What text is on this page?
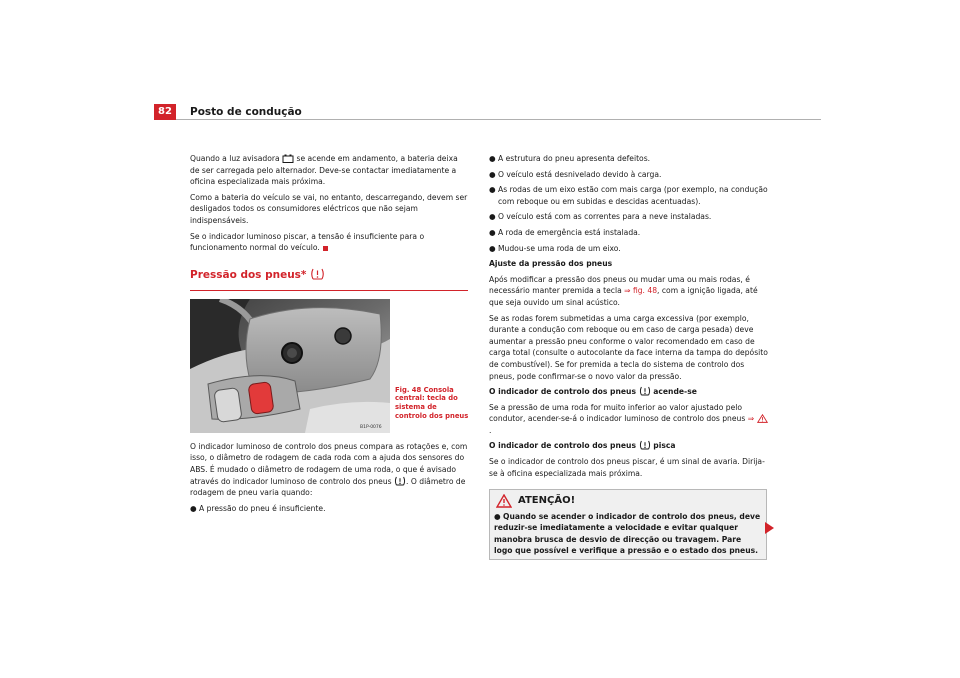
82	Posto de condução

Quando a luz avisadora se acende em andamento, a bateria deixa de ser carregada pelo alternador. Deve-se contactar imediatamente a oficina especializada mais próxima.

Como a bateria do veículo se vai, no entanto, descarregando, devem ser desligados todos os consumidores eléctricos que não sejam indispensáveis.

Se o indicador luminoso piscar, a tensão é insuficiente para o funcionamento normal do veículo.

Pressão dos pneus*
B1P-0076
Fig. 48 Consola central: tecla do sistema de controlo dos pneus

O indicador luminoso de controlo dos pneus compara as rotações e, com isso, o diâmetro de rodagem de cada roda com a ajuda dos sensores do ABS. É mudado o diâmetro de rodagem de uma roda, o que é avisado através do indicador luminoso de controlo dos pneus . O diâmetro de rodagem de pneu varia quando:

● A pressão do pneu é insuficiente.

● A estrutura do pneu apresenta defeitos.

● O veículo está desnivelado devido à carga.

● As rodas de um eixo estão com mais carga (por exemplo, na condução com reboque ou em subidas e descidas acentuadas).

● O veículo está com as correntes para a neve instaladas.

● A roda de emergência está instalada.

● Mudou-se uma roda de um eixo.

Ajuste da pressão dos pneus

Após modificar a pressão dos pneus ou mudar uma ou mais rodas, é necessário manter premida a tecla ⇒ fig. 48, com a ignição ligada, até que seja ouvido um sinal acústico.

Se as rodas forem submetidas a uma carga excessiva (por exemplo, durante a condução com reboque ou em caso de carga pesada) deve aumentar a pressão pneu conforme o valor recomendado em caso de carga total (consulte o autocolante da face interna da tampa do depósito de combustível). Se for premida a tecla do sistema de controlo dos pneus, pode confirmar-se o novo valor da pressão.

O indicador de controlo dos pneus acende-se

Se a pressão de uma roda for muito inferior ao valor ajustado pelo condutor, acender-se-á o indicador luminoso de controlo dos pneus ⇒ .

O indicador de controlo dos pneus pisca

Se o indicador de controlo dos pneus piscar, é um sinal de avaria. Dirija-se à oficina especializada mais próxima.

ATENÇÃO!
● Quando se acender o indicador de controlo dos pneus, deve reduzir-se imediatamente a velocidade e evitar qualquer manobra brusca de desvio de direcção ou travagem. Pare logo que possível e verifique a pressão e o estado dos pneus.
